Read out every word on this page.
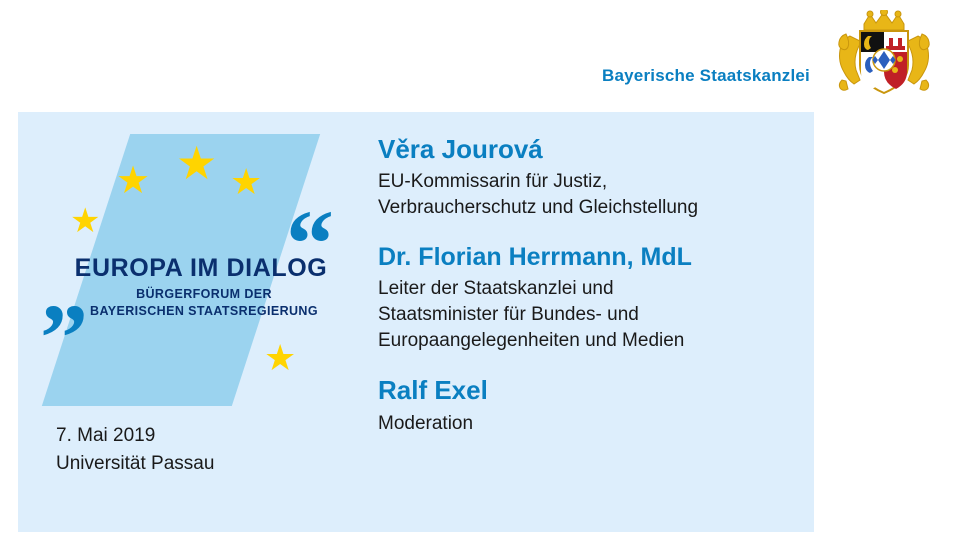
Bayerische Staatskanzlei
★
★ ★
★
★
“
”
EUROPA IM DIALOG
BÜRGERFORUM DER
BAYERISCHEN STAATSREGIERUNG
7. Mai 2019
Universität Passau
Věra Jourová
EU-Kommissarin für Justiz,
Verbraucherschutz und Gleichstellung
Dr. Florian Herrmann, MdL
Leiter der Staatskanzlei und
Staatsminister für Bundes- und
Europaangelegenheiten und Medien
Ralf Exel
Moderation
